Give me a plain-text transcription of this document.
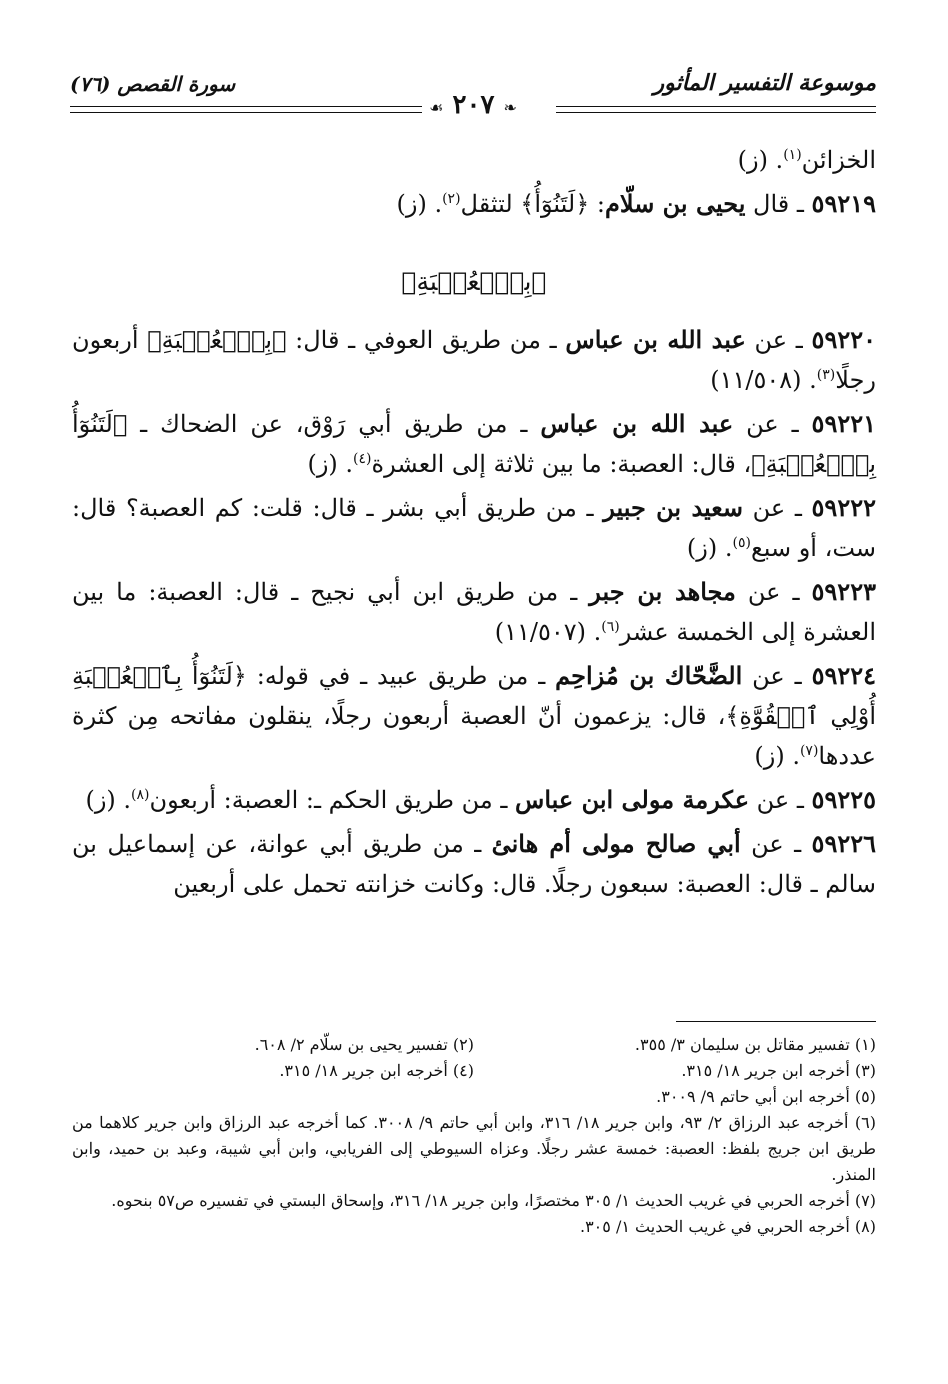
موسوعة التفسير المأثور
❧ ٢٠٧ ☙
سورة القصص (٧٦)

الخزائن$^{(١)}$. (ز)

٥٩٢١٩ ـ قال يحيى بن سلّام: ﴿لَتَنُوٓأُ﴾ لتثقل$^{(٢)}$. (ز)

﴿بِٱلۡعُصۡبَةِ﴾

٥٩٢٢٠ ـ عن عبد الله بن عباس ـ من طريق العوفي ـ قال: ﴿بِٱلۡعُصۡبَةِ﴾ أربعون رجلًا$^{(٣)}$. (١١/٥٠٨)

٥٩٢٢١ ـ عن عبد الله بن عباس ـ من طريق أبي رَوْق، عن الضحاك ـ ﴿لَتَنُوٓأُ بِٱلۡعُصۡبَةِ﴾، قال: العصبة: ما بين ثلاثة إلى العشرة$^{(٤)}$. (ز)

٥٩٢٢٢ ـ عن سعيد بن جبير ـ من طريق أبي بشر ـ قال: قلت: كم العصبة؟ قال: ست، أو سبع$^{(٥)}$. (ز)

٥٩٢٢٣ ـ عن مجاهد بن جبر ـ من طريق ابن أبي نجيح ـ قال: العصبة: ما بين العشرة إلى الخمسة عشر$^{(٦)}$. (١١/٥٠٧)

٥٩٢٢٤ ـ عن الضَّحّاك بن مُزاحِم ـ من طريق عبيد ـ في قوله: ﴿لَتَنُوٓأُ بِٱلۡعُصۡبَةِ أُوْلِي ٱلۡقُوَّةِ﴾، قال: يزعمون أنّ العصبة أربعون رجلًا، ينقلون مفاتحه مِن كثرة عددها$^{(٧)}$. (ز)

٥٩٢٢٥ ـ عن عكرمة مولى ابن عباس ـ من طريق الحكم ـ: العصبة: أربعون$^{(٨)}$. (ز)

٥٩٢٢٦ ـ عن أبي صالح مولى أم هانئ ـ من طريق أبي عوانة، عن إسماعيل بن سالم ـ قال: العصبة: سبعون رجلًا. قال: وكانت خزانته تحمل على أربعين

(١) تفسير مقاتل بن سليمان ٣/ ٣٥٥.

(٢) تفسير يحيى بن سلّام ٢/ ٦٠٨.

(٣) أخرجه ابن جرير ١٨/ ٣١٥.

(٤) أخرجه ابن جرير ١٨/ ٣١٥.

(٥) أخرجه ابن أبي حاتم ٩/ ٣٠٠٩.

(٦) أخرجه عبد الرزاق ٢/ ٩٣، وابن جرير ١٨/ ٣١٦، وابن أبي حاتم ٩/ ٣٠٠٨. كما أخرجه عبد الرزاق وابن جرير كلاهما من طريق ابن جريج بلفظ: العصبة: خمسة عشر رجلًا. وعزاه السيوطي إلى الفريابي، وابن أبي شيبة، وعبد بن حميد، وابن المنذر.

(٧) أخرجه الحربي في غريب الحديث ١/ ٣٠٥ مختصرًا، وابن جرير ١٨/ ٣١٦، وإسحاق البستي في تفسيره ص٥٧ بنحوه.

(٨) أخرجه الحربي في غريب الحديث ١/ ٣٠٥.
